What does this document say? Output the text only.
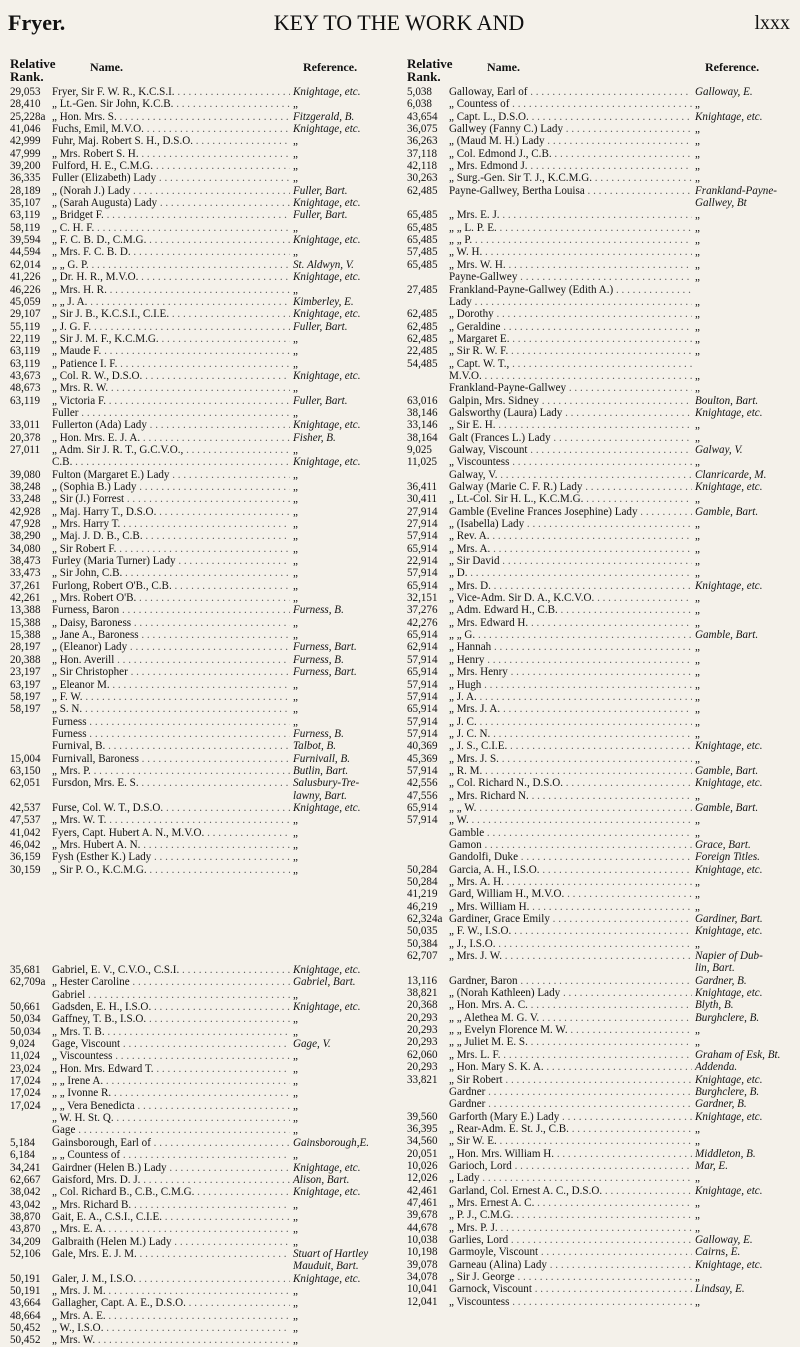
Fryer.	KEY TO THE WORK AND	lxxx
Relative
Rank.
Name.	Reference.
29,053 Fryer, Sir F. W. R., K.C.S.I. . . .	Knightage, etc.
28,410 „ Lt.-Gen. Sir John, K.C.B. . . .	„
25,228a „ Hon. Mrs. S. . . .	Fitzgerald, B.
41,046 Fuchs, Emil, M.V.O. . . .	Knightage, etc.
42,999 Fuhr, Maj. Robert S. H., D.S.O. . . .	„
47,999 „ Mrs. Robert S. H. . . .	„
39,200 Fulford, H. E., C.M.G. . . .	„
36,335 Fuller (Elizabeth) Lady . . .	„
28,189 „ (Norah J.) Lady . . .	Fuller, Bart.
35,107 „ (Sarah Augusta) Lady . . .	Knightage, etc.
63,119 „ Bridget F. . . .	Fuller, Bart.
58,119 „ C. H. F. . . .	„
39,594 „ F. C. B. D., C.M.G. . . .	Knightage, etc.
44,594 „ Mrs. F. C. B. D. . . .	„
62,014 „ „ G. P. . . .	St. Aldwyn, V.
41,226 „ Dr. H. R., M.V.O. . . .	Knightage, etc.
46,226 „ Mrs. H. R. . . .	„
45,059 „ „ J. A. . . .	Kimberley, E.
29,107 „ Sir J. B., K.C.S.I., C.I.E. . . .	Knightage, etc.
55,119 „ J. G. F. . . .	Fuller, Bart.
22,119 „ Sir J. M. F., K.C.M.G. . . .	„
63,119 „ Maude F. . . .	„
63,119 „ Patience I. F. . . .	„
43,673 „ Col. R. W., D.S.O. . . .	Knightage, etc.
48,673 „ Mrs. R. W. . . .	„
63,119 „ Victoria F. . . .	Fuller, Bart.
Fuller . . .	„
33,011 Fullerton (Ada) Lady . . .	Knightage, etc.
20,378 „ Hon. Mrs. E. J. A. . . .	Fisher, B.
27,011 „ Adm. Sir J. R. T., G.C.V.O., . . .	„
C.B. . . .	Knightage, etc.
39,080 Fulton (Margaret E.) Lady . . .	„
38,248 „ (Sophia B.) Lady . . .	„
33,248 „ Sir (J.) Forrest . . .	„
42,928 „ Maj. Harry T., D.S.O. . . .	„
47,928 „ Mrs. Harry T. . . .	„
38,290 „ Maj. J. D. B., C.B. . . .	„
34,080 „ Sir Robert F. . . .	„
38,473 Furley (Maria Turner) Lady . . .	„
33,473 „ Sir John, C.B. . . .	„
37,261 Furlong, Robert O'B., C.B. . . .	„
42,261 „ Mrs. Robert O'B. . . .	„
13,388 Furness, Baron . . .	Furness, B.
15,388 „ Daisy, Baroness . . .	„
15,388 „ Jane A., Baroness . . .	„
28,197 „ (Eleanor) Lady . . .	Furness, Bart.
20,388 „ Hon. Averill . . .	Furness, B.
23,197 „ Sir Christopher . . .	Furness, Bart.
63,197 „ Eleanor M. . . .	„
58,197 „ F. W. . . .	„
58,197 „ S. N. . . .	„
Furness . . .	„
Furness . . .	Furness, B.
Furnival, B. . . .	Talbot, B.
15,004 Furnivall, Baroness . . .	Furnivall, B.
63,150 „ Mrs. P. . . .	Butlin, Bart.
62,051 Fursdon, Mrs. E. S. . . .	Salusbury-Tre-
lawny, Bart.
42,537 Furse, Col. W. T., D.S.O. . . .	Knightage, etc.
47,537 „ Mrs. W. T. . . .	„
41,042 Fyers, Capt. Hubert A. N., M.V.O. . . .	„
46,042 „ Mrs. Hubert A. N. . . .	„
36,159 Fysh (Esther K.) Lady . . .	„
30,159 „ Sir P. O., K.C.M.G. . . .	„
35,681 Gabriel, E. V., C.V.O., C.S.I. . . .	Knightage, etc.
62,709a „ Hester Caroline . . .	Gabriel, Bart.
Gabriel . . .	„
50,661 Gadsden, E. H., I.S.O. . . .	Knightage, etc.
50,034 Gaffney, T. B., I.S.O. . . .	„
50,034 „ Mrs. T. B. . . .	„
9,024 Gage, Viscount . . .	Gage, V.
11,024 „ Viscountess . . .	„
23,024 „ Hon. Mrs. Edward T. . . .	„
17,024 „ „ Irene A. . . .	„
17,024 „ „ Ivonne R. . . .	„
17,024 „ „ Vera Benedicta . . .	„
„ W. H. St. Q. . . .	„
Gage . . .	„
5,184 Gainsborough, Earl of . . .	Gainsborough,E.
6,184 „ „ Countess of . . .	„
34,241 Gairdner (Helen B.) Lady . . .	Knightage, etc.
62,667 Gaisford, Mrs. D. J. . . .	Alison, Bart.
38,042 „ Col. Richard B., C.B., C.M.G. . . .	Knightage, etc.
43,042 „ Mrs. Richard B. . . .	„
38,870 Gait, E. A., C.S.I., C.I.E. . . .	„
43,870 „ Mrs. E. A. . . .	„
34,209 Galbraith (Helen M.) Lady . . .	„
52,106 Gale, Mrs. E. J. M. . . .	Stuart of Hartley
Mauduit, Bart.
50,191 Galer, J. M., I.S.O. . . .	Knightage, etc.
50,191 „ Mrs. J. M. . . .	„
43,664 Gallagher, Capt. A. E., D.S.O. . . .	„
48,664 „ Mrs. A. E. . . .	„
50,452 „ W., I.S.O. . . .	„
50,452 „ Mrs. W. . . .	„
Relative
Rank.
Name.	Reference.
5,038 Galloway, Earl of . . .	Galloway, E.
6,038 „ Countess of . . .	„
43,654 „ Capt. L., D.S.O. . . .	Knightage, etc.
36,075 Gallwey (Fanny C.) Lady . . .	„
36,263 „ (Maud M. H.) Lady . . .	„
37,118 „ Col. Edmond J., C.B. . . .	„
42,118 „ Mrs. Edmond J. . . .	„
30,263 „ Surg.-Gen. Sir T. J., K.C.M.G. . . .	„
62,485 Payne-Gallwey, Bertha Louisa . . .	Frankland-Payne-
Gallwey, Bt
65,485 „ Mrs. E. J. . . .	„
65,485 „ „ L. P. E. . . .	„
65,485 „ „ P. . . .	„
57,485 „ W. H. . . .	„
65,485 „ Mrs. W. H. . . .	„
Payne-Gallwey . . .	„
27,485 Frankland-Payne-Gallwey (Edith A.) . . .
Lady . . .	„
62,485 „ Dorothy . . .	„
62,485 „ Geraldine . . .	„
62,485 „ Margaret E. . . .	„
22,485 „ Sir R. W. F. . . .	„
54,485 „ Capt. W. T., . . .
M.V.O. . . .	„
Frankland-Payne-Gallwey . . .	„
63,016 Galpin, Mrs. Sidney . . .	Boulton, Bart.
38,146 Galsworthy (Laura) Lady . . .	Knightage, etc.
33,146 „ Sir E. H. . . .	„
38,164 Galt (Frances L.) Lady . . .	„
9,025 Galway, Viscount . . .	Galway, V.
11,025 „ Viscountess . . .	„
Galway, V. . . .	Clanricarde, M.
36,411 Galway (Marie C. F. R.) Lady . . .	Knightage, etc.
30,411 „ Lt.-Col. Sir H. L., K.C.M.G. . . .	„
27,914 Gamble (Eveline Frances Josephine) Lady . . .	Gamble, Bart.
27,914 „ (Isabella) Lady . . .	„
57,914 „ Rev. A. . . .	„
65,914 „ Mrs. A. . . .	„
22,914 „ Sir David . . .	„
57,914 „ D. . . .	„
65,914 „ Mrs. D. . . .	Knightage, etc.
32,151 „ Vice-Adm. Sir D. A., K.C.V.O. . . .	„
37,276 „ Adm. Edward H., C.B. . . .	„
42,276 „ Mrs. Edward H. . . .	„
65,914 „ „ G. . . .	Gamble, Bart.
62,914 „ Hannah . . .	„
57,914 „ Henry . . .	„
65,914 „ Mrs. Henry . . .	„
57,914 „ Hugh . . .	„
57,914 „ J. A. . . .	„
65,914 „ Mrs. J. A. . . .	„
57,914 „ J. C. . . .	„
57,914 „ J. C. N. . . .	„
40,369 „ J. S., C.I.E. . . .	Knightage, etc.
45,369 „ Mrs. J. S. . . .	„
57,914 „ R. M. . . .	Gamble, Bart.
42,556 „ Col. Richard N., D.S.O. . . .	Knightage, etc.
47,556 „ Mrs. Richard N. . . .	„
65,914 „ „ W. . . .	Gamble, Bart.
57,914 „ W. . . .	„
Gamble . . .	„
Gamon . . .	Grace, Bart.
Gandolfi, Duke . . .	Foreign Titles.
50,284 Garcia, A. H., I.S.O. . . .	Knightage, etc.
50,284 „ Mrs. A. H. . . .	„
41,219 Gard, William H., M.V.O. . . .	„
46,219 „ Mrs. William H. . . .	„
62,324a Gardiner, Grace Emily . . .	Gardiner, Bart.
50,035 „ F. W., I.S.O. . . .	Knightage, etc.
50,384 „ J., I.S.O. . . .	„
62,707 „ Mrs. J. W. . . .	Napier of Dub-
lin, Bart.
13,116 Gardner, Baron . . .	Gardner, B.
38,821 „ (Norah Kathleen) Lady . . .	Knightage, etc.
20,368 „ Hon. Mrs. A. C. . . .	Blyth, B.
20,293 „ „ Alethea M. G. V. . . .	Burghclere, B.
20,293 „ „ Evelyn Florence M. W. . . .	„
20,293 „ „ Juliet M. E. S. . . .	„
62,060 „ Mrs. L. F. . . .	Graham of Esk, Bt.
20,293 „ Hon. Mary S. K. A. . . .	Addenda.
33,821 „ Sir Robert . . .	Knightage, etc.
Gardner . . .	Burghclere, B.
Gardner . . .	Gardner, B.
39,560 Garforth (Mary E.) Lady . . .	Knightage, etc.
36,395 „ Rear-Adm. E. St. J., C.B. . . .	„
34,560 „ Sir W. E. . . .	„
20,051 „ Hon. Mrs. William H. . . .	Middleton, B.
10,026 Garioch, Lord . . .	Mar, E.
12,026 „ Lady . . .	„
42,461 Garland, Col. Ernest A. C., D.S.O. . . .	Knightage, etc.
47,461 „ Mrs. Ernest A. C. . . .	„
39,678 „ P. J., C.M.G. . . .	„
44,678 „ Mrs. P. J. . . .	„
10,038 Garlies, Lord . . .	Galloway, E.
10,198 Garmoyle, Viscount . . .	Cairns, E.
39,078 Garneau (Alina) Lady . . .	Knightage, etc.
34,078 „ Sir J. George . . .	„
10,041 Garnock, Viscount . . .	Lindsay, E.
12,041 „ Viscountess . . .	„
